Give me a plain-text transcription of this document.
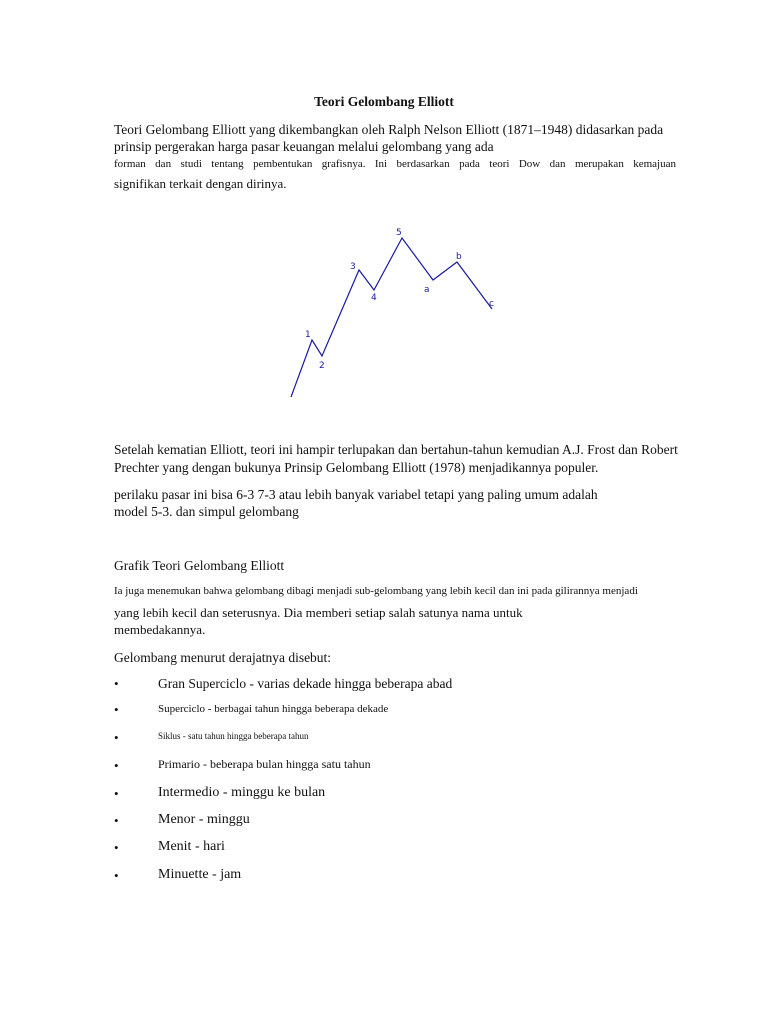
Teori Gelombang Elliott
Teori Gelombang Elliott yang dikembangkan oleh Ralph Nelson Elliott (1871–1948) didasarkan pada prinsip pergerakan harga pasar keuangan melalui gelombang yang ada
forman dan studi tentang pembentukan grafisnya. Ini berdasarkan pada teori Dow dan merupakan kemajuan
signifikan terkait dengan dirinya.
1
2
3
4
5
a
b
c
Setelah kematian Elliott, teori ini hampir terlupakan dan bertahun-tahun kemudian A.J. Frost dan Robert Prechter yang dengan bukunya Prinsip Gelombang Elliott (1978) menjadikannya populer.
perilaku pasar ini bisa 6-3 7-3 atau lebih banyak variabel tetapi yang paling umum adalah model 5-3. dan simpul gelombang
Grafik Teori Gelombang Elliott
Ia juga menemukan bahwa gelombang dibagi menjadi sub-gelombang yang lebih kecil dan ini pada gilirannya menjadi
yang lebih kecil dan seterusnya. Dia memberi setiap salah satunya nama untuk membedakannya.
Gelombang menurut derajatnya disebut:
•	Gran Superciclo - varias dekade hingga beberapa abad
•	Superciclo - berbagai tahun hingga beberapa dekade
•	Siklus - satu tahun hingga beberapa tahun
•	Primario - beberapa bulan hingga satu tahun
•	Intermedio - minggu ke bulan
•	Menor - minggu
•	Menit - hari
•	Minuette - jam
